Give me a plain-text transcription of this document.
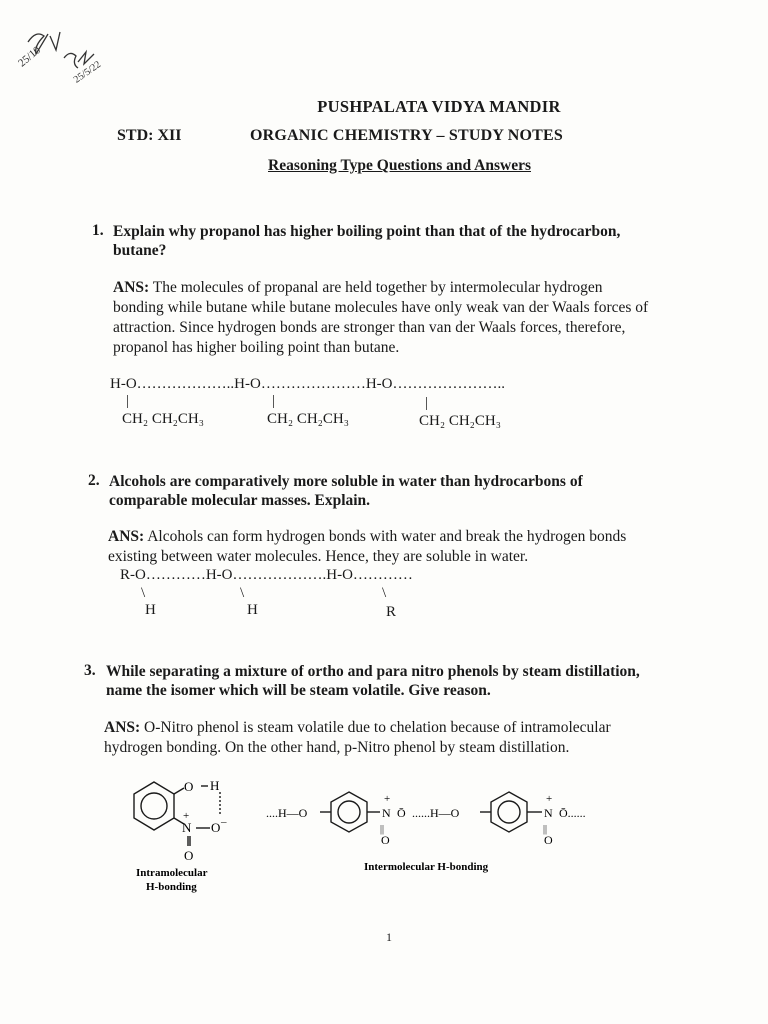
25/10
25/5/22
PUSHPALATA VIDYA MANDIR
STD: XII	ORGANIC CHEMISTRY – STUDY NOTES
Reasoning Type Questions and Answers
1. Explain why propanol has higher boiling point than that of the hydrocarbon,
butane?
ANS: The molecules of propanal are held together by intermolecular hydrogen
bonding while butane while butane molecules have only weak van der Waals forces of
attraction. Since hydrogen bonds are stronger than van der Waals forces, therefore,
propanol has higher boiling point than butane.
H-O………………..H-O…………………H-O…………………..
|	|	|
CH₂ CH₂CH₃	CH₂ CH₂CH₃	CH₂ CH₂CH₃
2. Alcohols are comparatively more soluble in water than hydrocarbons of
comparable molecular masses. Explain.
ANS: Alcohols can form hydrogen bonds with water and break the hydrogen bonds
existing between water molecules. Hence, they are soluble in water.
R-O…………H-O……………….H-O…………
\	\	\
H	H	R
3. While separating a mixture of ortho and para nitro phenols by steam distillation,
name the isomer which will be steam volatile. Give reason.
ANS: O-Nitro phenol is steam volatile due to chelation because of intramolecular
hydrogen bonding. On the other hand, p-Nitro phenol by steam distillation.
O H
N O
O
+	–
Intramolecular
H-bonding
....H—O	N
+
||
O
Ō ......H—O	N
+
||
O
Ō......
Intermolecular H-bonding
1
